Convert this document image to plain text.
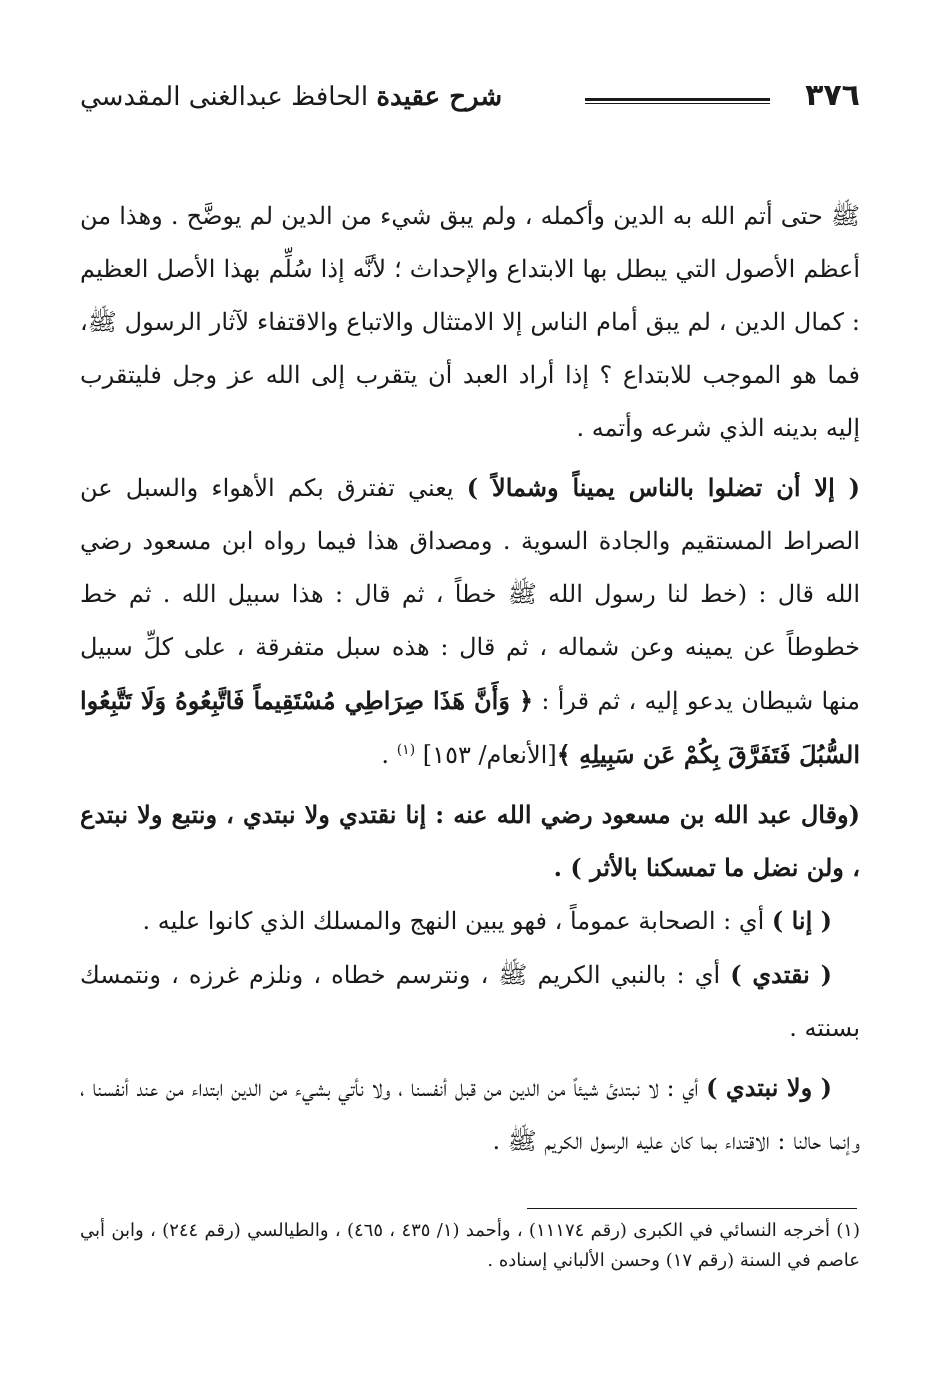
٣٧٦
شرح عقيدة الحافظ عبدالغنى المقدسي

ﷺ حتى أتم الله به الدين وأكمله ، ولم يبق شيء من الدين لم يوضَّح . وهذا من أعظم الأصول التي يبطل بها الابتداع والإحداث ؛ لأنَّه إذا سُلِّم بهذا الأصل العظيم : كمال الدين ، لم يبق أمام الناس إلا الامتثال والاتباع والاقتفاء لآثار الرسول ﷺ، فما هو الموجب للابتداع ؟ إذا أراد العبد أن يتقرب إلى الله عز وجل فليتقرب إليه بدينه الذي شرعه وأتمه .

( إلا أن تضلوا بالناس يميناً وشمالاً ) يعني تفترق بكم الأهواء والسبل عن الصراط المستقيم والجادة السوية . ومصداق هذا فيما رواه ابن مسعود رضي الله قال : (خط لنا رسول الله ﷺ خطاً ، ثم قال : هذا سبيل الله . ثم خط خطوطاً عن يمينه وعن شماله ، ثم قال : هذه سبل متفرقة ، على كلِّ سبيل منها شيطان يدعو إليه ، ثم قرأ : ﴿ وَأَنَّ هَذَا صِرَاطِي مُسْتَقِيماً فَاتَّبِعُوهُ وَلَا تَتَّبِعُوا السُّبُلَ فَتَفَرَّقَ بِكُمْ عَن سَبِيلِهِ ﴾[الأنعام/ ١٥٣] $^{(١)}$ .

(وقال عبد الله بن مسعود رضي الله عنه : إنا نقتدي ولا نبتدي ، ونتبع ولا نبتدع ، ولن نضل ما تمسكنا بالأثر ) .

( إنا ) أي : الصحابة عموماً ، فهو يبين النهج والمسلك الذي كانوا عليه .

( نقتدي ) أي : بالنبي الكريم ﷺ ، ونترسم خطاه ، ونلزم غرزه ، ونتمسك بسنته .

( ولا نبتدي ) أي : لا نبتدئ شيئاً من الدين من قبل أنفسنا ، ولا نأتي بشيء من الدين ابتداء من عند أنفسنا ، وإنما حالنا : الاقتداء بما كان عليه الرسول الكريم ﷺ .

(١) أخرجه النسائي في الكبرى (رقم ١١١٧٤) ، وأحمد (١/ ٤٣٥ ، ٤٦٥) ، والطيالسي (رقم ٢٤٤) ، وابن أبي عاصم في السنة (رقم ١٧) وحسن الألباني إسناده .
